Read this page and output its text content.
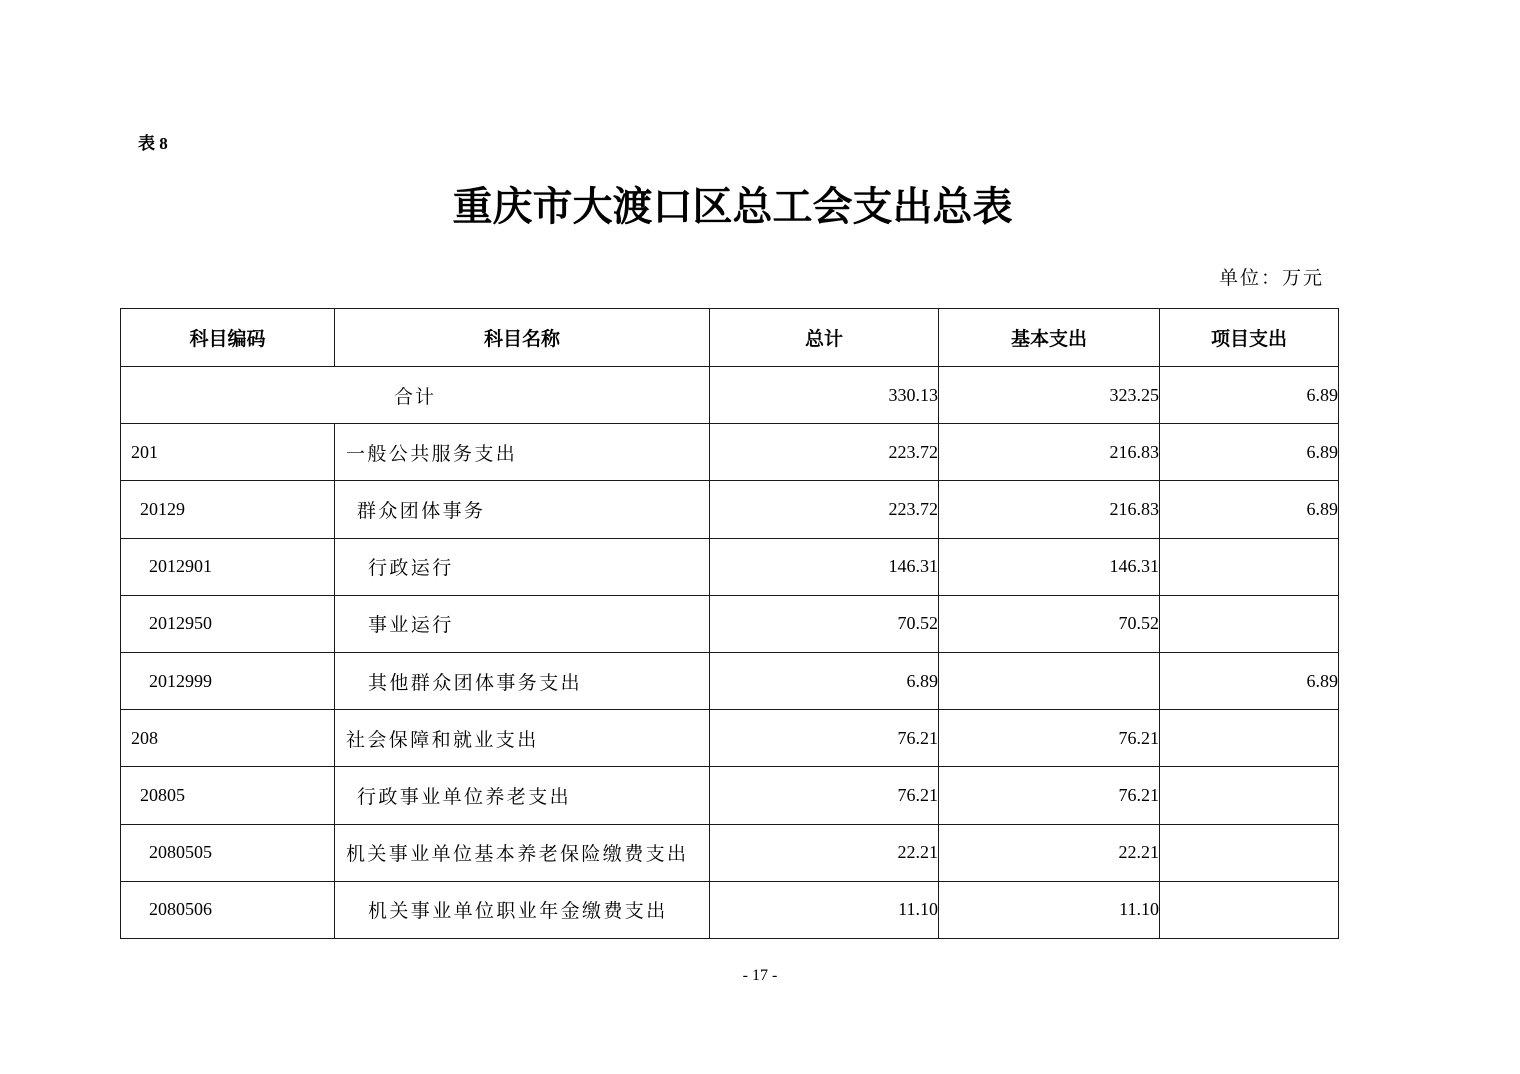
表 8
重庆市大渡口区总工会支出总表
单位：万元
科目编码	科目名称	总计	基本支出	项目支出
合计		330.13	323.25	6.89
201	一般公共服务支出	223.72	216.83	6.89
20129	群众团体事务	223.72	216.83	6.89
2012901	行政运行	146.31	146.31	
2012950	事业运行	70.52	70.52	
2012999	其他群众团体事务支出	6.89		6.89
208	社会保障和就业支出	76.21	76.21	
20805	行政事业单位养老支出	76.21	76.21	
2080505	机关事业单位基本养老保险缴费支出	22.21	22.21	
2080506	机关事业单位职业年金缴费支出	11.10	11.10	
- 17 -
